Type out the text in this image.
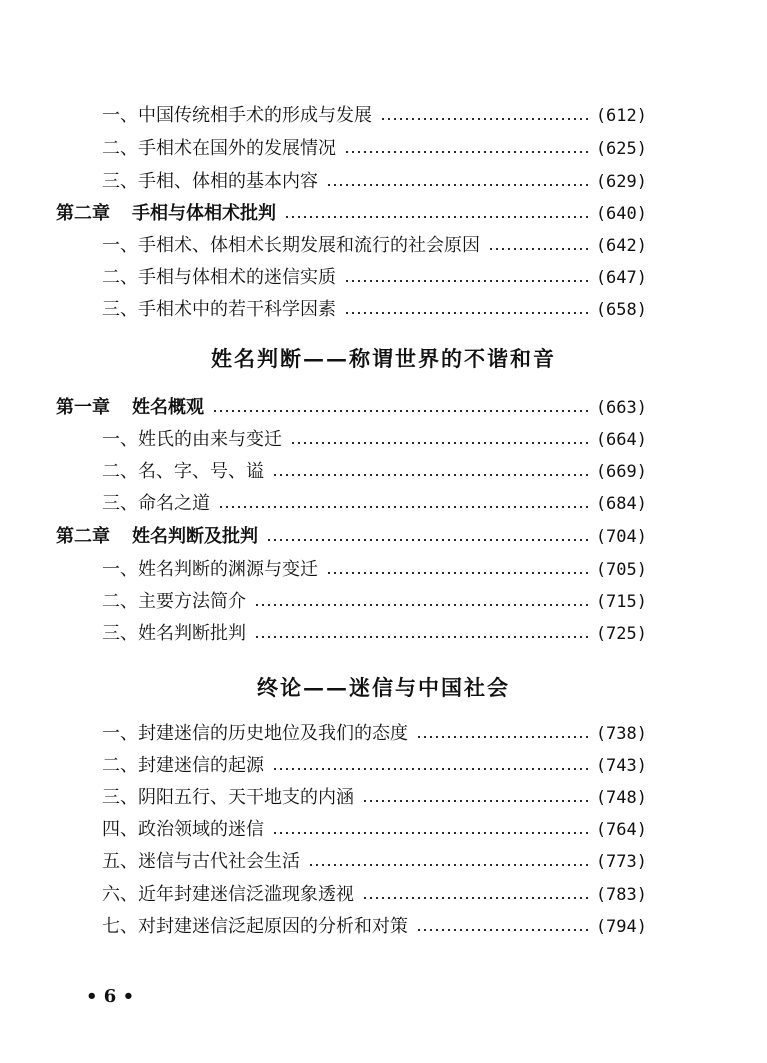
一、中国传统相手术的形成与发展	(612)
二、手相术在国外的发展情况	(625)
三、手相、体相的基本内容	(629)
第二章 手相与体相术批判	(640)
一、手相术、体相术长期发展和流行的社会原因	(642)
二、手相与体相术的迷信实质	(647)
三、手相术中的若干科学因素	(658)
姓名判断——称谓世界的不谐和音
第一章 姓名概观	(663)
一、姓氏的由来与变迁	(664)
二、名、字、号、谥	(669)
三、命名之道	(684)
第二章 姓名判断及批判	(704)
一、姓名判断的渊源与变迁	(705)
二、主要方法简介	(715)
三、姓名判断批判	(725)
终论——迷信与中国社会
一、封建迷信的历史地位及我们的态度	(738)
二、封建迷信的起源	(743)
三、阴阳五行、天干地支的内涵	(748)
四、政治领域的迷信	(764)
五、迷信与古代社会生活	(773)
六、近年封建迷信泛滥现象透视	(783)
七、对封建迷信泛起原因的分析和对策	(794)
• 6 •
